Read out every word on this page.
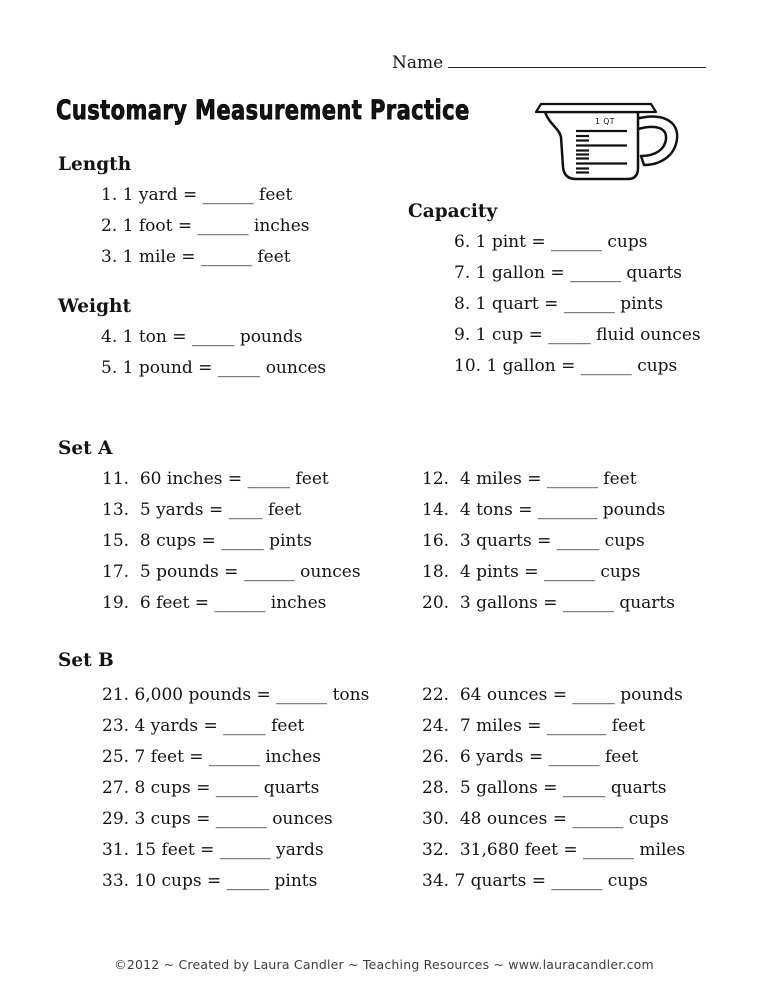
Name
Customary Measurement Practice	1 QT
Length
1. 1 yard = ______ feet
2. 1 foot = ______ inches
3. 1 mile = ______ feet
Weight
4. 1 ton = _____ pounds
5. 1 pound = _____ ounces
Capacity
6. 1 pint = ______ cups
7. 1 gallon = ______ quarts
8. 1 quart = ______ pints
9. 1 cup = _____ fluid ounces
10. 1 gallon = ______ cups
Set A
11.  60 inches = _____ feet	12.  4 miles = ______ feet
13.  5 yards = ____ feet	14.  4 tons = _______ pounds
15.  8 cups = _____ pints	16.  3 quarts = _____ cups
17.  5 pounds = ______ ounces	18.  4 pints = ______ cups
19.  6 feet = ______ inches	20.  3 gallons = ______ quarts
Set B
21. 6,000 pounds = ______ tons	22.  64 ounces = _____ pounds
23. 4 yards = _____ feet	24.  7 miles = _______ feet
25. 7 feet = ______ inches	26.  6 yards = ______ feet
27. 8 cups = _____ quarts	28.  5 gallons = _____ quarts
29. 3 cups = ______ ounces	30.  48 ounces = ______ cups
31. 15 feet = ______ yards	32.  31,680 feet = ______ miles
33. 10 cups = _____ pints	34. 7 quarts = ______ cups
©2012 ~ Created by Laura Candler ~ Teaching Resources ~ www.lauracandler.com
